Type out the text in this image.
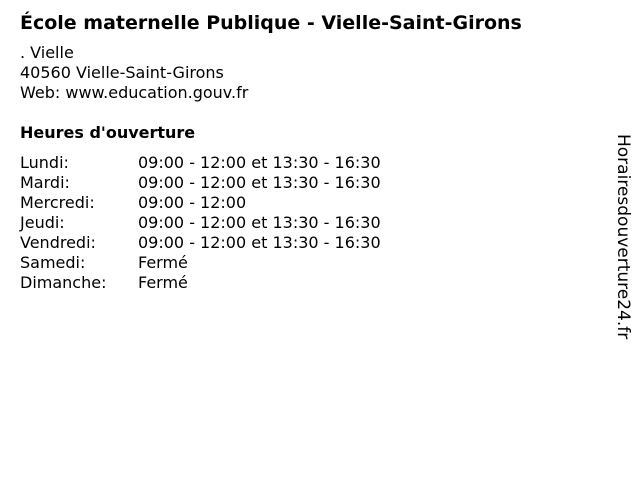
École maternelle Publique - Vielle-Saint-Girons
. Vielle
40560 Vielle-Saint-Girons
Web: www.education.gouv.fr
Heures d'ouverture
Lundi:	09:00 - 12:00 et 13:30 - 16:30
Mardi:	09:00 - 12:00 et 13:30 - 16:30
Mercredi:	09:00 - 12:00
Jeudi:	09:00 - 12:00 et 13:30 - 16:30
Vendredi:	09:00 - 12:00 et 13:30 - 16:30
Samedi:	Fermé
Dimanche: Fermé	Horairesdouverture24.fr
